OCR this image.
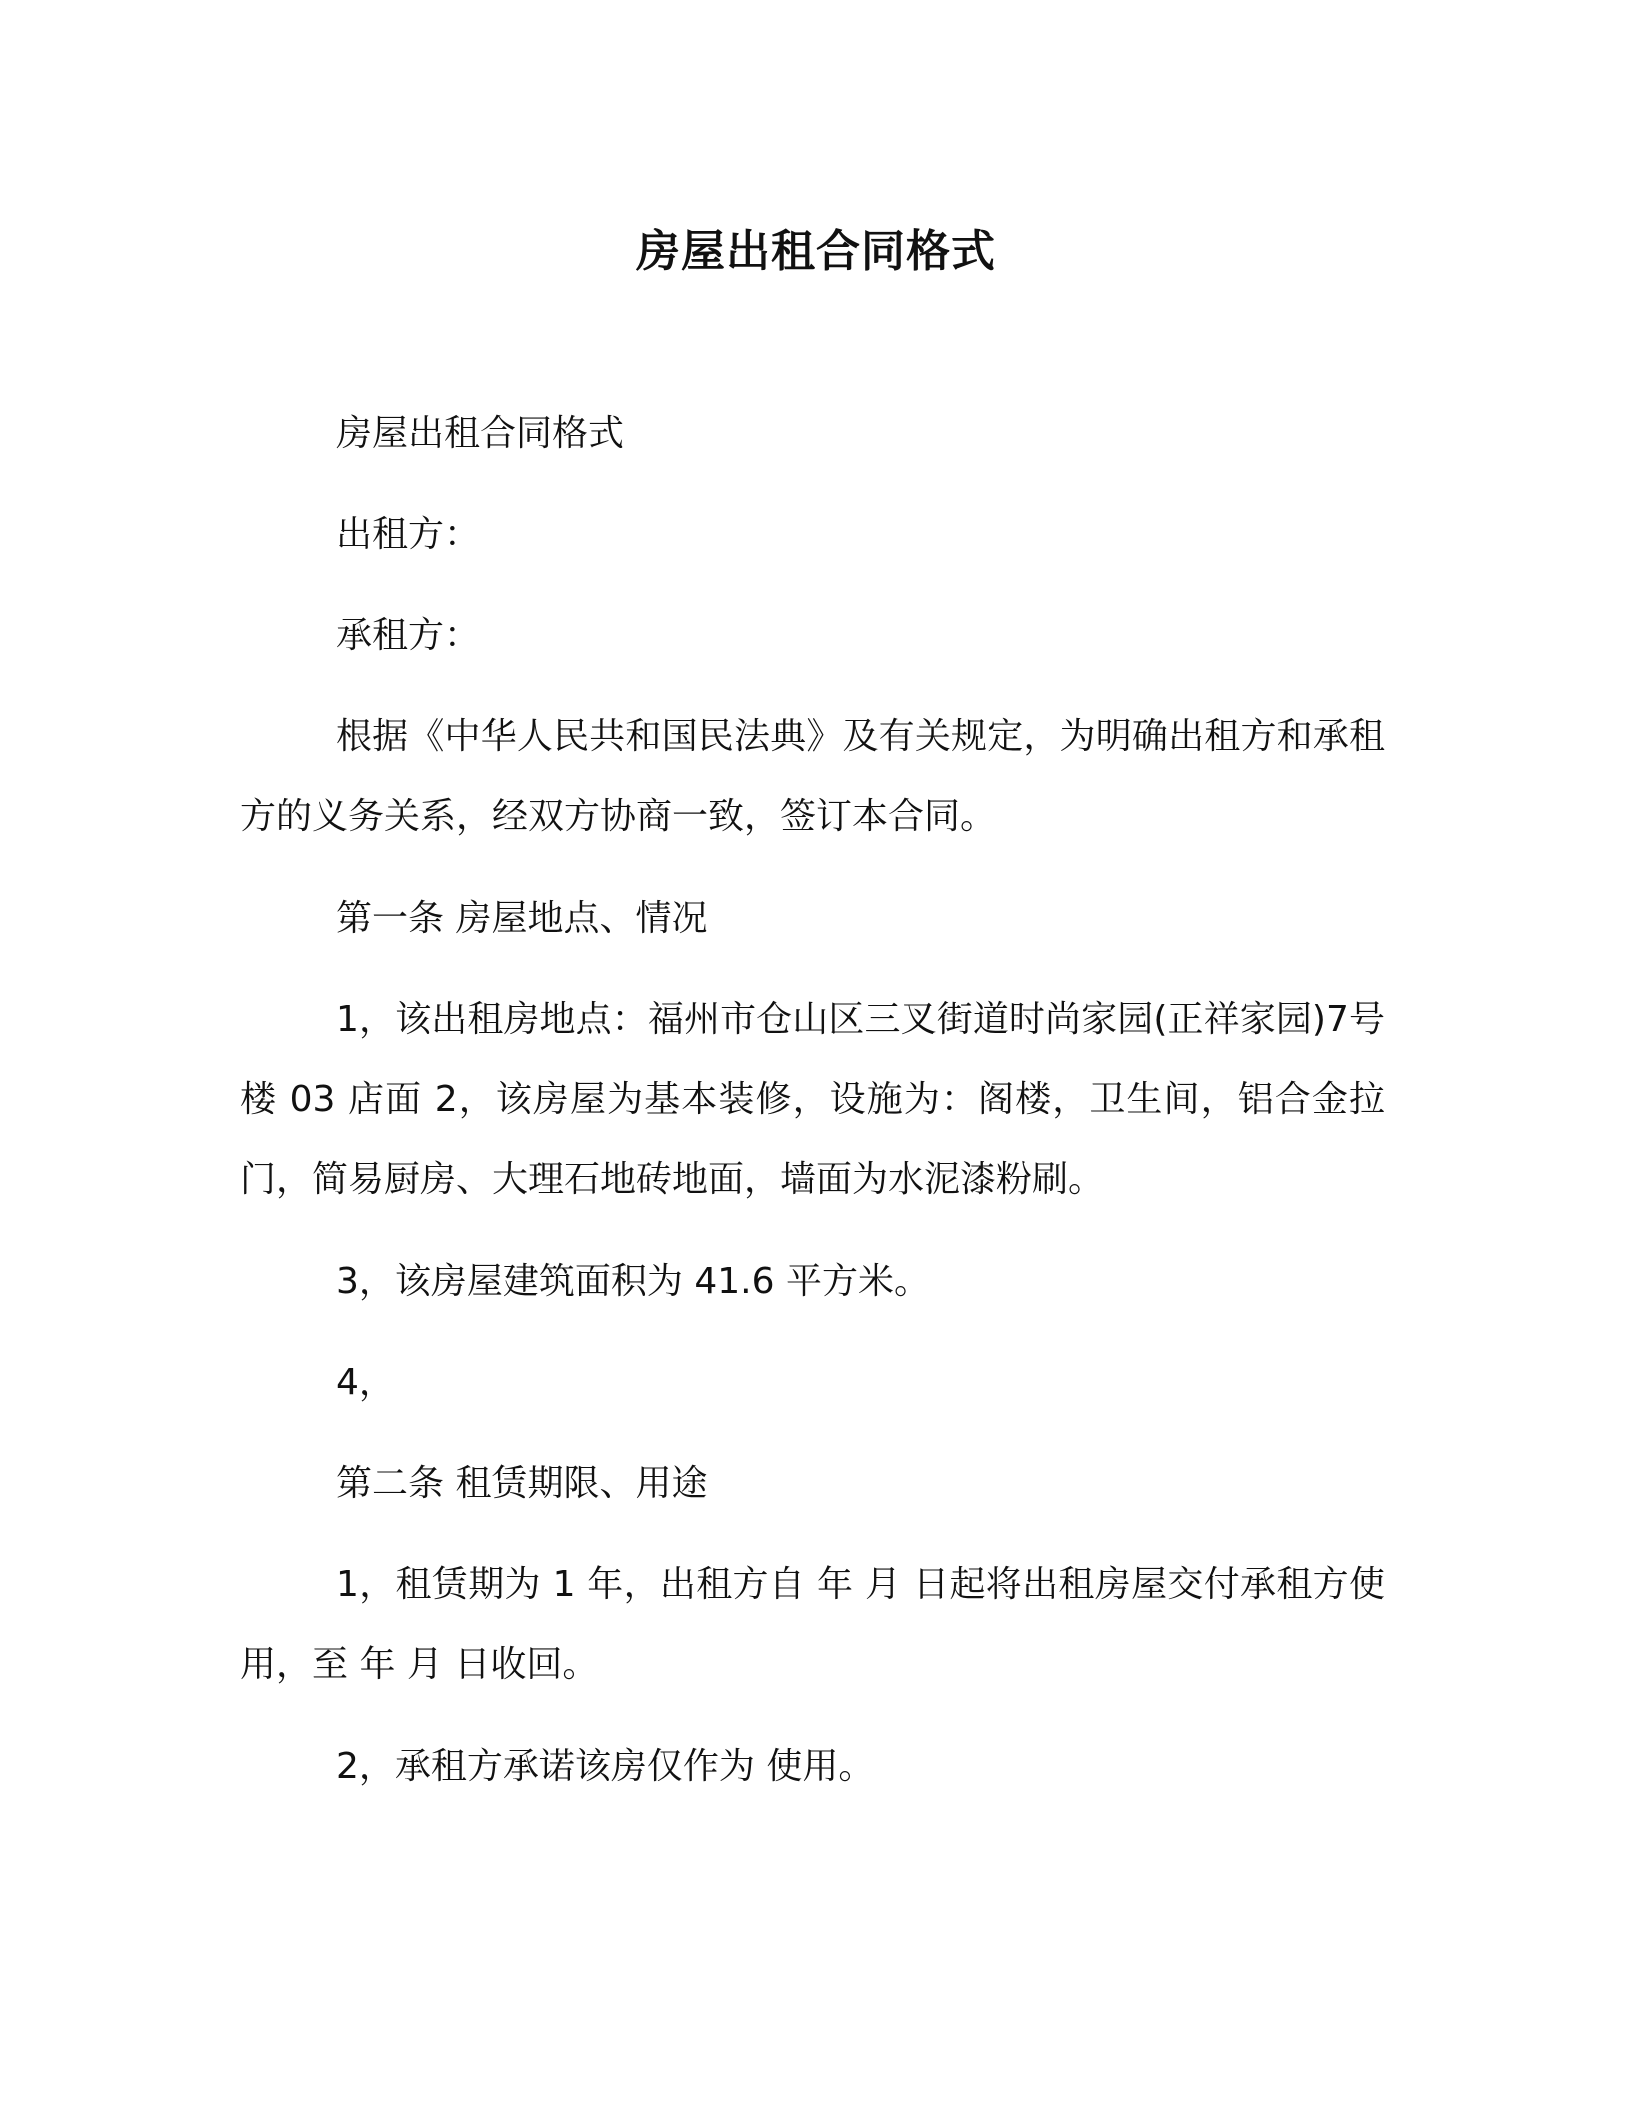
房屋出租合同格式

房屋出租合同格式

出租方：

承租方：

根据《中华人民共和国民法典》及有关规定，为明确出租方和承租方的义务关系，经双方协商一致，签订本合同。

第一条 房屋地点、情况

1，该出租房地点：福州市仓山区三叉街道时尚家园(正祥家园)7号楼 03 店面 2，该房屋为基本装修，设施为：阁楼，卫生间，铝合金拉门，简易厨房、大理石地砖地面，墙面为水泥漆粉刷。

3，该房屋建筑面积为 41.6 平方米。

4，

第二条 租赁期限、用途

1，租赁期为 1 年，出租方自 年 月 日起将出租房屋交付承租方使用，至 年 月 日收回。

2，承租方承诺该房仅作为 使用。
